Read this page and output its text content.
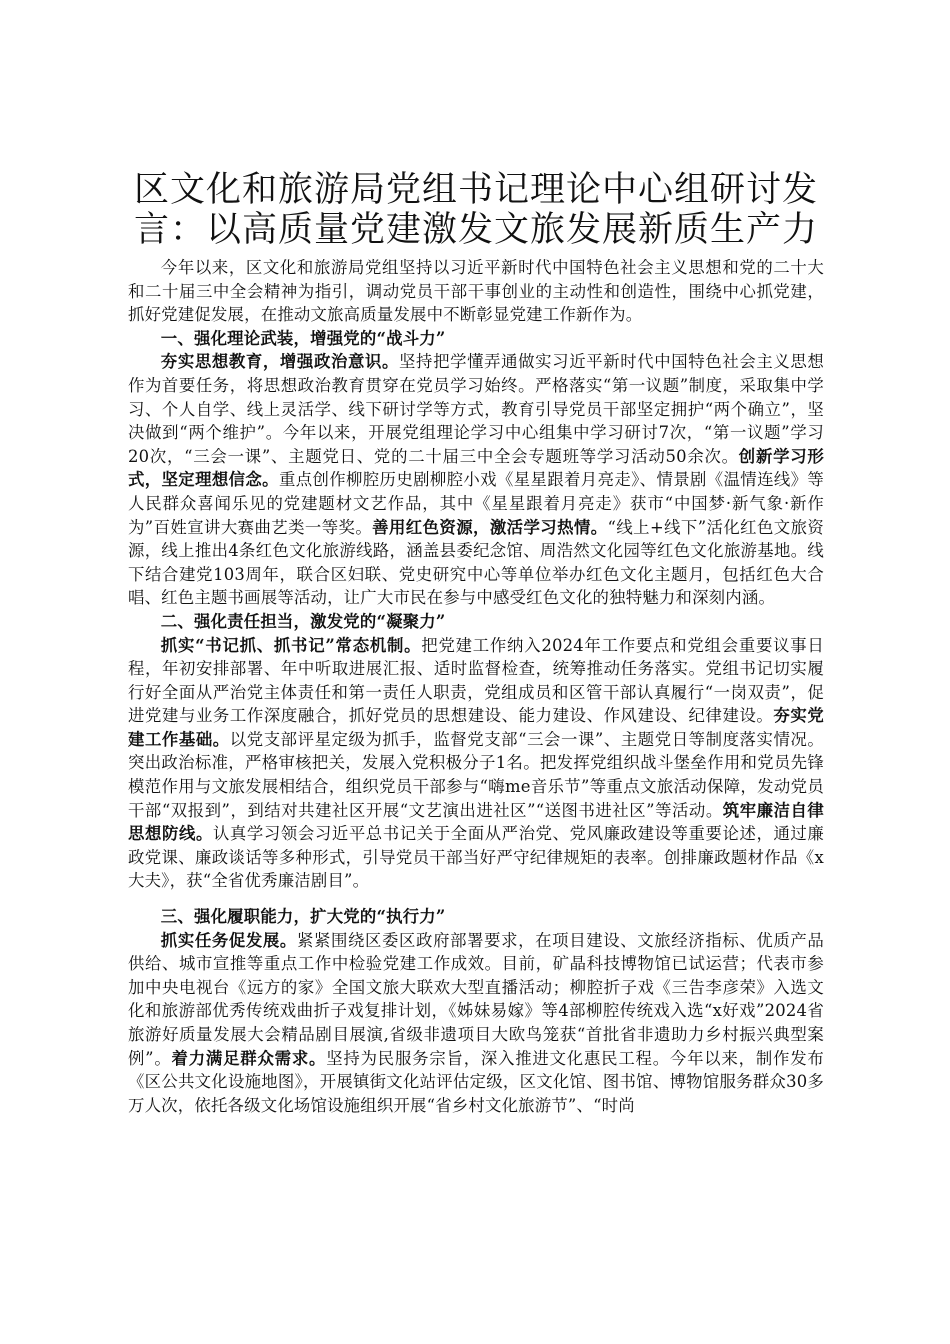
区文化和旅游局党组书记理论中心组研讨发言：以高质量党建激发文旅发展新质生产力

今年以来，区文化和旅游局党组坚持以习近平新时代中国特色社会主义思想和党的二十大和二十届三中全会精神为指引，调动党员干部干事创业的主动性和创造性，围绕中心抓党建，抓好党建促发展，在推动文旅高质量发展中不断彰显党建工作新作为。

一、强化理论武装，增强党的“战斗力”

夯实思想教育，增强政治意识。坚持把学懂弄通做实习近平新时代中国特色社会主义思想作为首要任务，将思想政治教育贯穿在党员学习始终。严格落实“第一议题”制度，采取集中学习、个人自学、线上灵活学、线下研讨学等方式，教育引导党员干部坚定拥护“两个确立”，坚决做到“两个维护”。今年以来，开展党组理论学习中心组集中学习研讨7次，“第一议题”学习20次，“三会一课”、主题党日、党的二十届三中全会专题班等学习活动50余次。创新学习形式，坚定理想信念。重点创作柳腔历史剧柳腔小戏《星星跟着月亮走》、情景剧《温情连线》等人民群众喜闻乐见的党建题材文艺作品，其中《星星跟着月亮走》获市“中国梦·新气象·新作为”百姓宣讲大赛曲艺类一等奖。善用红色资源，激活学习热情。“线上+线下”活化红色文旅资源，线上推出4条红色文化旅游线路，涵盖县委纪念馆、周浩然文化园等红色文化旅游基地。线下结合建党103周年，联合区妇联、党史研究中心等单位举办红色文化主题月，包括红色大合唱、红色主题书画展等活动，让广大市民在参与中感受红色文化的独特魅力和深刻内涵。

二、强化责任担当，激发党的“凝聚力”

抓实“书记抓、抓书记”常态机制。把党建工作纳入2024年工作要点和党组会重要议事日程，年初安排部署、年中听取进展汇报、适时监督检查，统筹推动任务落实。党组书记切实履行好全面从严治党主体责任和第一责任人职责，党组成员和区管干部认真履行“一岗双责”，促进党建与业务工作深度融合，抓好党员的思想建设、能力建设、作风建设、纪律建设。夯实党建工作基础。以党支部评星定级为抓手，监督党支部“三会一课”、主题党日等制度落实情况。突出政治标准，严格审核把关，发展入党积极分子1名。把发挥党组织战斗堡垒作用和党员先锋模范作用与文旅发展相结合，组织党员干部参与“嗨me音乐节”等重点文旅活动保障，发动党员干部“双报到”，到结对共建社区开展“文艺演出进社区”“送图书进社区”等活动。筑牢廉洁自律思想防线。认真学习领会习近平总书记关于全面从严治党、党风廉政建设等重要论述，通过廉政党课、廉政谈话等多种形式，引导党员干部当好严守纪律规矩的表率。创排廉政题材作品《x大夫》，获“全省优秀廉洁剧目”。

三、强化履职能力，扩大党的“执行力”

抓实任务促发展。紧紧围绕区委区政府部署要求，在项目建设、文旅经济指标、优质产品供给、城市宣推等重点工作中检验党建工作成效。目前，矿晶科技博物馆已试运营；代表市参加中央电视台《远方的家》全国文旅大联欢大型直播活动；柳腔折子戏《三告李彦荣》入选文化和旅游部优秀传统戏曲折子戏复排计划，《姊妹易嫁》等4部柳腔传统戏入选“x好戏”2024省旅游好质量发展大会精品剧目展演,省级非遗项目大欧鸟笼获“首批省非遗助力乡村振兴典型案例”。着力满足群众需求。坚持为民服务宗旨，深入推进文化惠民工程。今年以来，制作发布《区公共文化设施地图》，开展镇街文化站评估定级，区文化馆、图书馆、博物馆服务群众30多万人次，依托各级文化场馆设施组织开展“省乡村文化旅游节”、“时尚
